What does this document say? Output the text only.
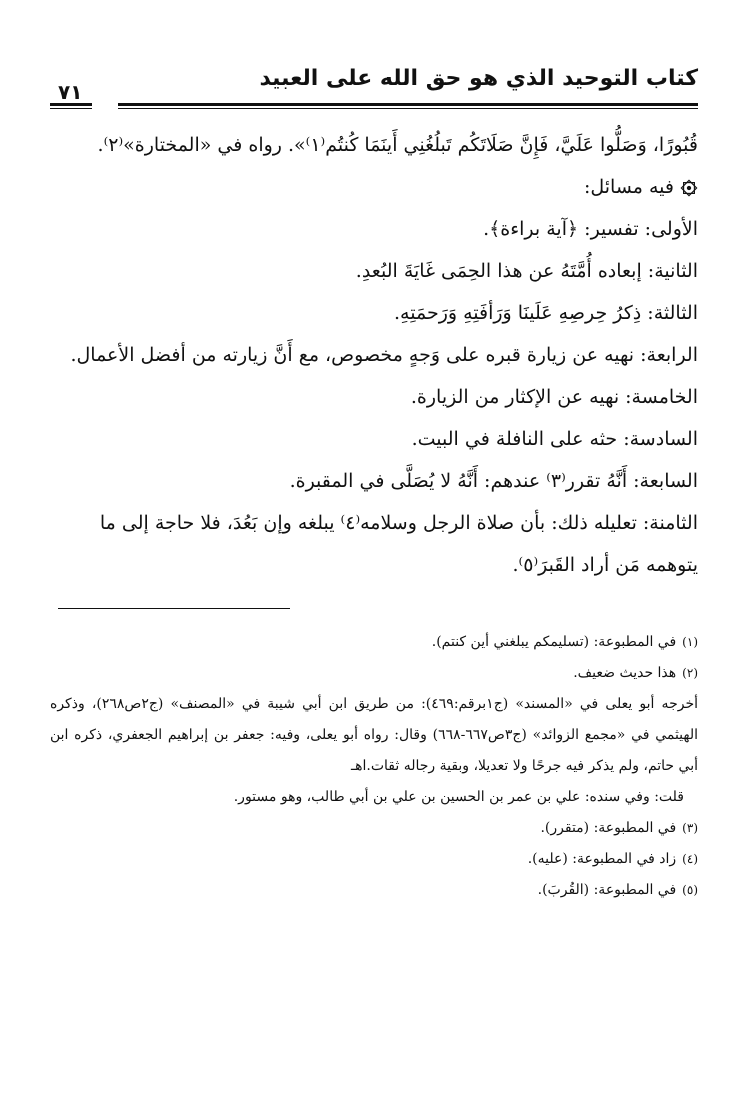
كتاب التوحيد الذي هو حق الله على العبيد
٧١
قُبُورًا، وَصَلُّوا عَلَيَّ، فَإِنَّ صَلَاتَكُم تَبلُغُنِي أَينَمَا كُنتُم⁽١⁾». رواه في «المختارة»⁽٢⁾.
فيه مسائل:
الأولى: تفسير: ﴿آية براءة﴾.
الثانية: إبعاده أُمَّتَهُ عن هذا الحِمَى غَايَةَ البُعدِ.
الثالثة: ذِكرُ حِرصِهِ عَلَينَا وَرَأفَتِهِ وَرَحمَتِهِ.
الرابعة: نهيه عن زيارة قبره على وَجهٍ مخصوص، مع أَنَّ زيارته من أفضل الأعمال.
الخامسة: نهيه عن الإكثار من الزيارة.
السادسة: حثه على النافلة في البيت.
السابعة: أَنَّهُ تقرر⁽٣⁾ عندهم: أَنَّهُ لا يُصَلَّى في المقبرة.
الثامنة: تعليله ذلك: بأن صلاة الرجل وسلامه⁽٤⁾ يبلغه وإن بَعُدَ، فلا حاجة إلى ما يتوهمه مَن أراد القَبرَ⁽٥⁾.
(١)في المطبوعة: (تسليمكم يبلغني أين كنتم).
(٢)هذا حديث ضعيف.
أخرجه أبو يعلى في «المسند» (ج١برقم:٤٦٩): من طريق ابن أبي شيبة في «المصنف» (ج٢ص٢٦٨)، وذكره الهيثمي في «مجمع الزوائد» (ج٣ص٦٦٧-٦٦٨) وقال: رواه أبو يعلى، وفيه: جعفر بن إبراهيم الجعفري، ذكره ابن أبي حاتم، ولم يذكر فيه جرحًا ولا تعديلا، وبقية رجاله ثقات.اهـ
قلت: وفي سنده: علي بن عمر بن الحسين بن علي بن أبي طالب، وهو مستور.
(٣)في المطبوعة: (متقرر).
(٤)زاد في المطبوعة: (عليه).
(٥)في المطبوعة: (القُربَ).
